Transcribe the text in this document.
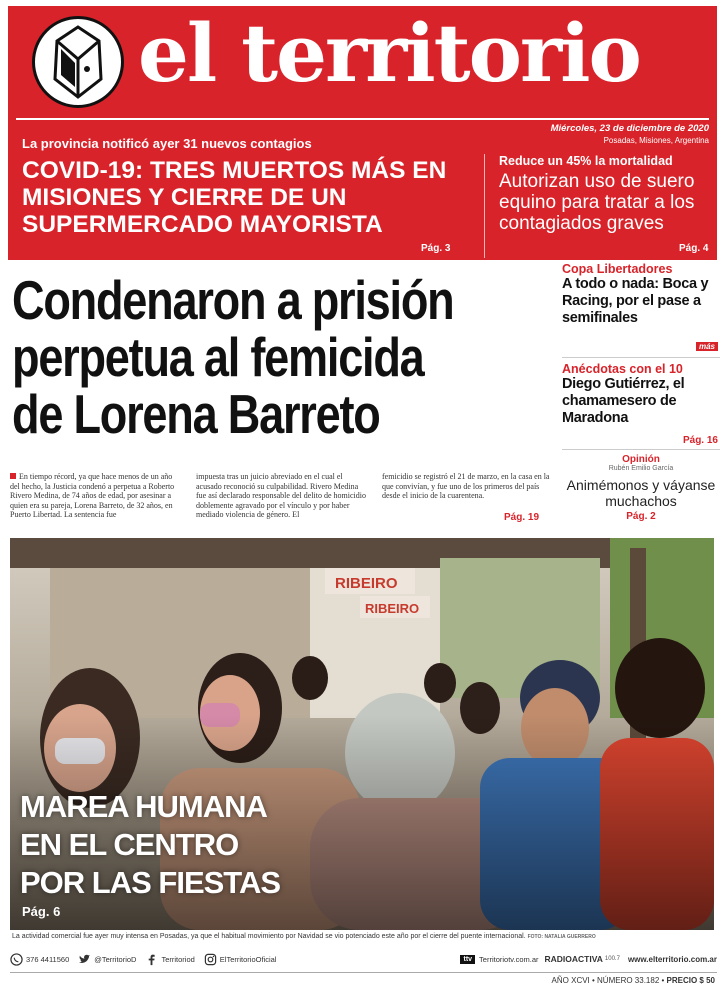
el territorio
Miércoles, 23 de diciembre de 2020
Posadas, Misiones, Argentina
La provincia notificó ayer 31 nuevos contagios
COVID-19: TRES MUERTOS MÁS EN MISIONES Y CIERRE DE UN SUPERMERCADO MAYORISTA
Pág. 3
Reduce un 45% la mortalidad
Autorizan uso de suero equino para tratar a los contagiados graves
Pág. 4
Condenaron a prisión
perpetua al femicida
de Lorena Barreto
En tiempo récord, ya que hace menos de un año del hecho, la Justicia condenó a perpetua a Roberto Rivero Medina, de 74 años de edad, por asesinar a quien era su pareja, Lorena Barreto, de 32 años, en Puerto Libertad. La sentencia fue
impuesta tras un juicio abreviado en el cual el acusado reconoció su culpabilidad. Rivero Medina fue así declarado responsable del delito de homicidio doblemente agravado por el vínculo y por haber mediado violencia de género. El
femicidio se registró el 21 de marzo, en la casa en la que convivían, y fue uno de los primeros del país desde el inicio de la cuarentena.
Pág. 19
Copa Libertadores
A todo o nada: Boca y Racing, por el pase a semifinales
más
Anécdotas con el 10
Diego Gutiérrez, el chamamesero de Maradona
Pág. 16
Opinión
Rubén Emilio García
Animémonos y váyanse muchachos
Pág. 2
MAREA HUMANA
EN EL CENTRO
POR LAS FIESTAS
Pág. 6
La actividad comercial fue ayer muy intensa en Posadas, ya que el habitual movimiento por Navidad se vio potenciado este año por el cierre del puente internacional. FOTO: NATALIA GUERRERO
376 4411560	@TerritorioD	Territoriod	ElTerritorioOficial	ttv Territoriotv.com.ar RADIOACTIVA 100.7 www.elterritorio.com.ar
AÑO XCVI • NÚMERO 33.182 • PRECIO $ 50
